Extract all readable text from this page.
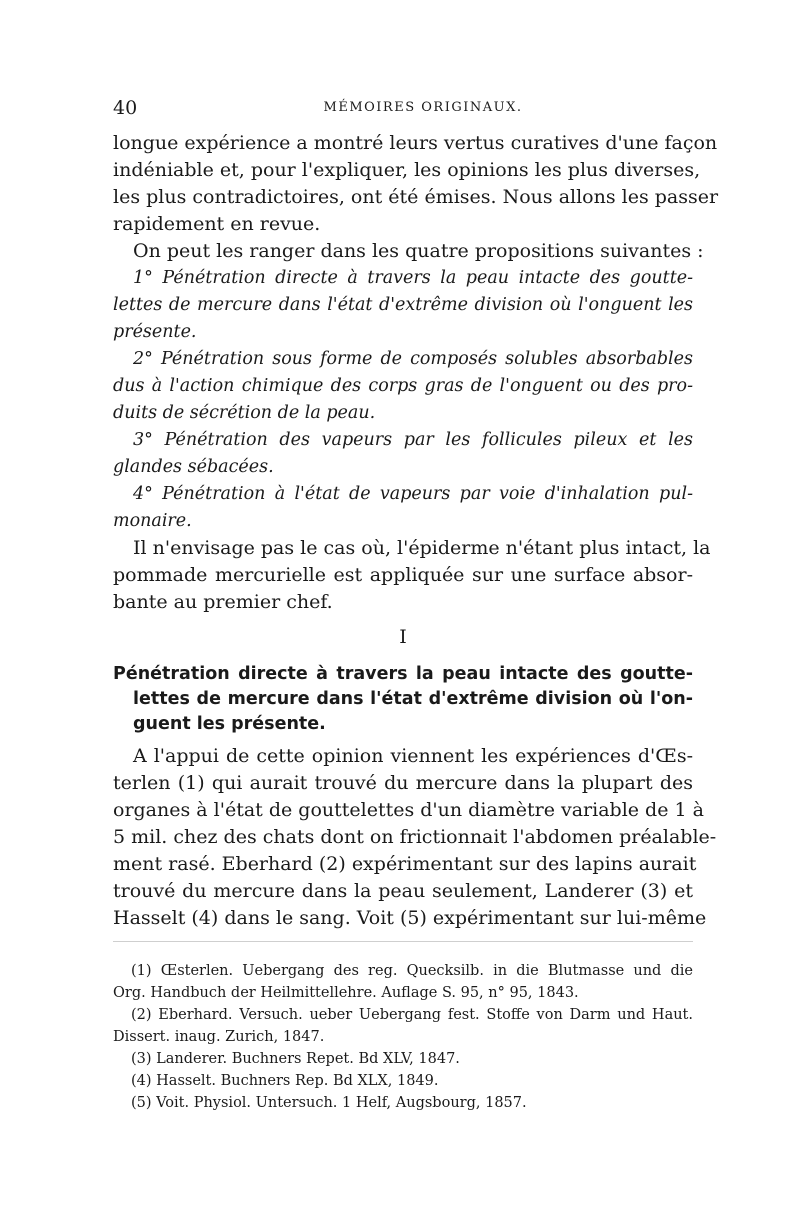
40	MÉMOIRES ORIGINAUX.
longue expérience a montré leurs vertus curatives d'une façon
indéniable et, pour l'expliquer, les opinions les plus diverses,
les plus contradictoires, ont été émises. Nous allons les passer
rapidement en revue.
On peut les ranger dans les quatre propositions suivantes :
1° Pénétration directe à travers la peau intacte des goutte-
lettes de mercure dans l'état d'extrême division où l'onguent les
présente.
2° Pénétration sous forme de composés solubles absorbables
dus à l'action chimique des corps gras de l'onguent ou des pro-
duits de sécrétion de la peau.
3° Pénétration des vapeurs par les follicules pileux et les
glandes sébacées.
4° Pénétration à l'état de vapeurs par voie d'inhalation pul-
monaire.
Il n'envisage pas le cas où, l'épiderme n'étant plus intact, la
pommade mercurielle est appliquée sur une surface absor-
bante au premier chef.
I
Pénétration directe à travers la peau intacte des goutte-
lettes de mercure dans l'état d'extrême division où l'on-
guent les présente.
A l'appui de cette opinion viennent les expériences d'Œs-
terlen (1) qui aurait trouvé du mercure dans la plupart des
organes à l'état de gouttelettes d'un diamètre variable de 1 à
5 mil. chez des chats dont on frictionnait l'abdomen préalable-
ment rasé. Eberhard (2) expérimentant sur des lapins aurait
trouvé du mercure dans la peau seulement, Landerer (3) et
Hasselt (4) dans le sang. Voit (5) expérimentant sur lui-même
(1) Œsterlen. Uebergang des reg. Quecksilb. in die Blutmasse und die
Org. Handbuch der Heilmittellehre. Auflage S. 95, n° 95, 1843.
(2) Eberhard. Versuch. ueber Uebergang fest. Stoffe von Darm und Haut.
Dissert. inaug. Zurich, 1847.
(3) Landerer. Buchners Repet. Bd XLV, 1847.
(4) Hasselt. Buchners Rep. Bd XLX, 1849.
(5) Voit. Physiol. Untersuch. 1 Helf, Augsbourg, 1857.
